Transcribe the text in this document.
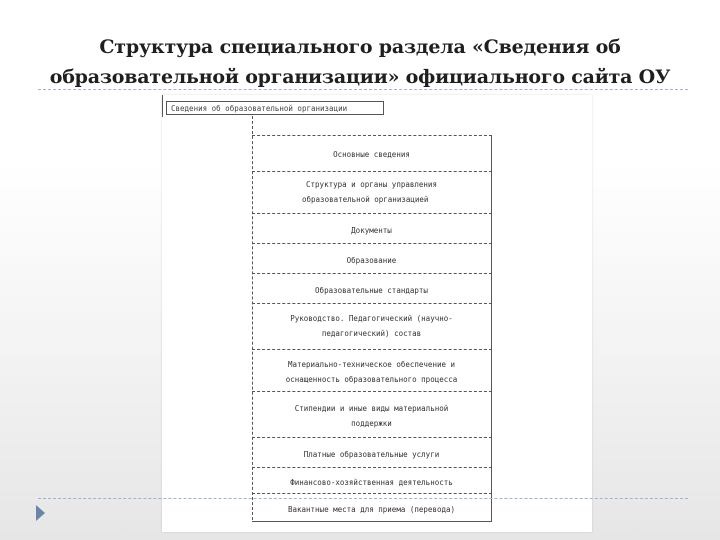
Структура специального раздела «Сведения об
образовательной организации» официального сайта ОУ
Сведения об образовательной организации
Основные сведения
Структура и органы управления
образовательной организацией
Документы
Образование
Образовательные стандарты
Руководство. Педагогический (научно-
педагогический) состав
Материально-техническое обеспечение и
оснащенность образовательного процесса
Стипендии и иные виды материальной
поддержки
Платные образовательные услуги
Финансово-хозяйственная деятельность
Вакантные места для приема (перевода)
